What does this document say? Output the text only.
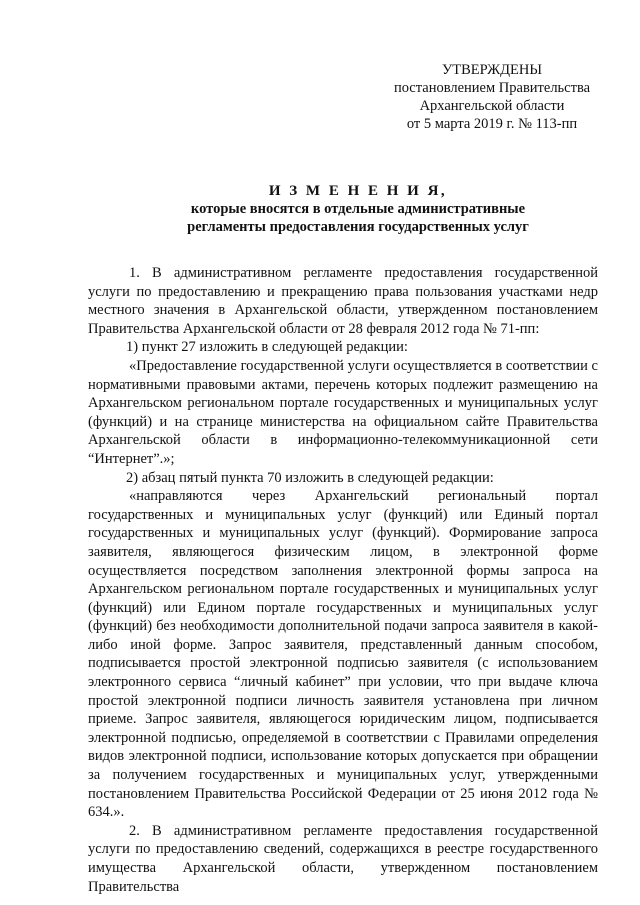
УТВЕРЖДЕНЫ
постановлением Правительства
Архангельской области
от 5 марта 2019 г. № 113-пп
И З М Е Н Е Н И Я,
которые вносятся в отдельные административные
регламенты предоставления государственных услуг

1. В административном регламенте предоставления государственной услуги по предоставлению и прекращению права пользования участками недр местного значения в Архангельской области, утвержденном постановлением Правительства Архангельской области от 28 февраля 2012 года № 71-пп:

1) пункт 27 изложить в следующей редакции:

«Предоставление государственной услуги осуществляется в соответствии с нормативными правовыми актами, перечень которых подлежит размещению на Архангельском региональном портале государственных и муниципальных услуг (функций) и на странице министерства на официальном сайте Правительства Архангельской области в информационно-телекоммуникационной сети “Интернет”.»;

2) абзац пятый пункта 70 изложить в следующей редакции:

«направляются через Архангельский региональный портал государственных и муниципальных услуг (функций) или Единый портал государственных и муниципальных услуг (функций). Формирование запроса заявителя, являющегося физическим лицом, в электронной форме осуществляется посредством заполнения электронной формы запроса на Архангельском региональном портале государственных и муниципальных услуг (функций) или Едином портале государственных и муниципальных услуг (функций) без необходимости дополнительной подачи запроса заявителя в какой-либо иной форме. Запрос заявителя, представленный данным способом, подписывается простой электронной подписью заявителя (с использованием электронного сервиса “личный кабинет” при условии, что при выдаче ключа простой электронной подписи личность заявителя установлена при личном приеме. Запрос заявителя, являющегося юридическим лицом, подписывается электронной подписью, определяемой в соответствии с Правилами определения видов электронной подписи, использование которых допускается при обращении за получением государственных и муниципальных услуг, утвержденными постановлением Правительства Российской Федерации от 25 июня 2012 года № 634.».

2. В административном регламенте предоставления государственной услуги по предоставлению сведений, содержащихся в реестре государственного имущества Архангельской области, утвержденном постановлением Правительства
